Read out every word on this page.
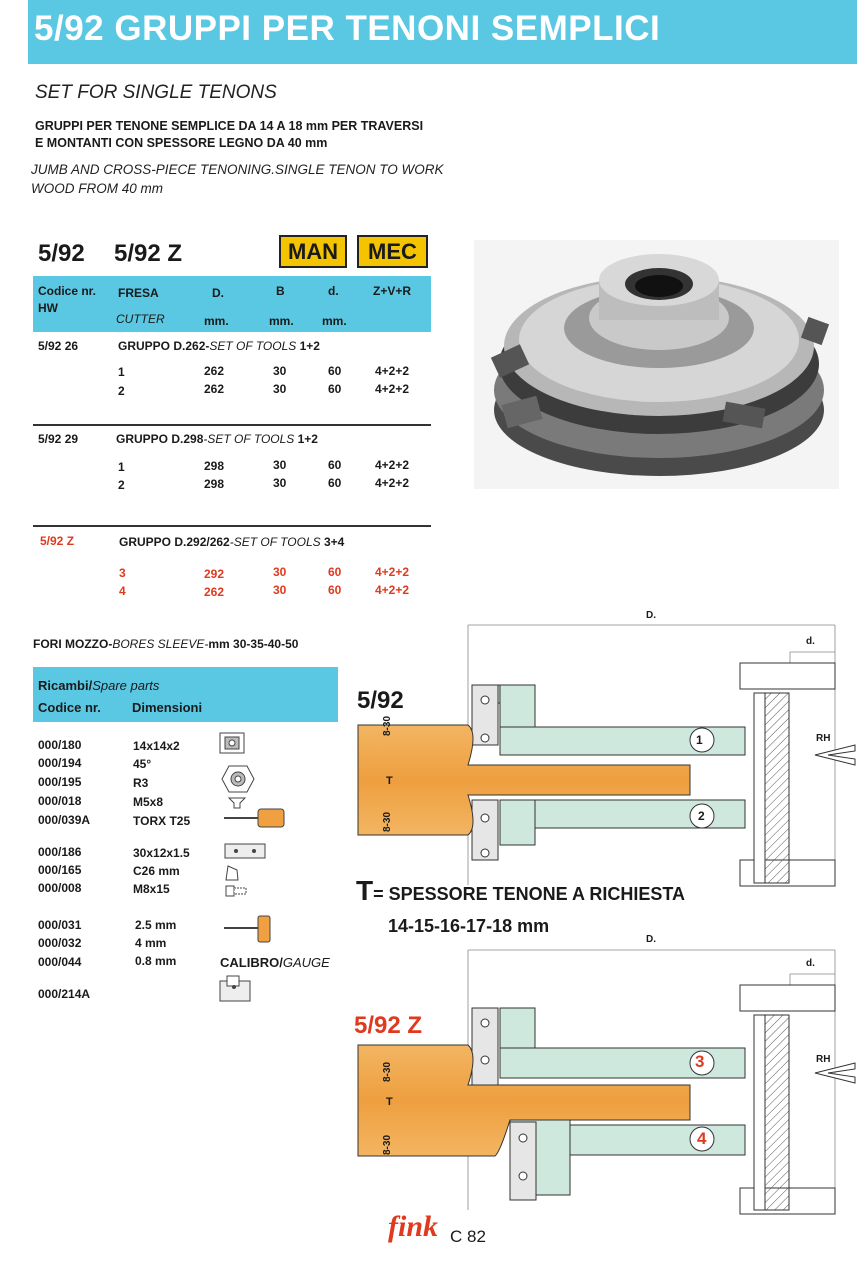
5/92 GRUPPI PER TENONI SEMPLICI
SET FOR SINGLE TENONS
GRUPPI PER TENONE SEMPLICE DA 14 A 18 mm PER TRAVERSI
E MONTANTI CON SPESSORE LEGNO DA 40 mm
JUMB AND CROSS-PIECE TENONING.SINGLE TENON TO WORK
WOOD FROM 40 mm
5/92 5/92 Z	MAN	MEC
Codice nr.
HW
FRESA
CUTTER
D.	B	d.	Z+V+R
mm.	mm. mm.
5/92 26	GRUPPO D.262-SET OF TOOLS 1+2
1	262	30	60	4+2+2
2	262	30	60	4+2+2
5/92 29	GRUPPO D.298-SET OF TOOLS 1+2
1	298	30	60	4+2+2
2	298	30	60	4+2+2
5/92 Z	GRUPPO D.292/262-SET OF TOOLS 3+4
3	292	30	60	4+2+2
4	262	30	60	4+2+2
FORI MOZZO-BORES SLEEVE-mm 30-35-40-50
Ricambi/Spare parts
Codice nr. Dimensioni
000/180	14x14x2
000/194	45°
000/195	R3
000/018	M5x8
000/039A	TORX T25
000/186	30x12x1.5
000/165	C26 mm
000/008	M8x15
000/031	2.5 mm
000/032	4 mm
000/044	0.8 mm
000/214A
CALIBRO/GAUGE
5/92
5/92 Z
D.
d.
RH
1
2
T
8-30
8-30
T= SPESSORE TENONE A RICHIESTA
14-15-16-17-18 mm
D.
d.
RH
3
4
T
8-30
8-30
fink C 82
